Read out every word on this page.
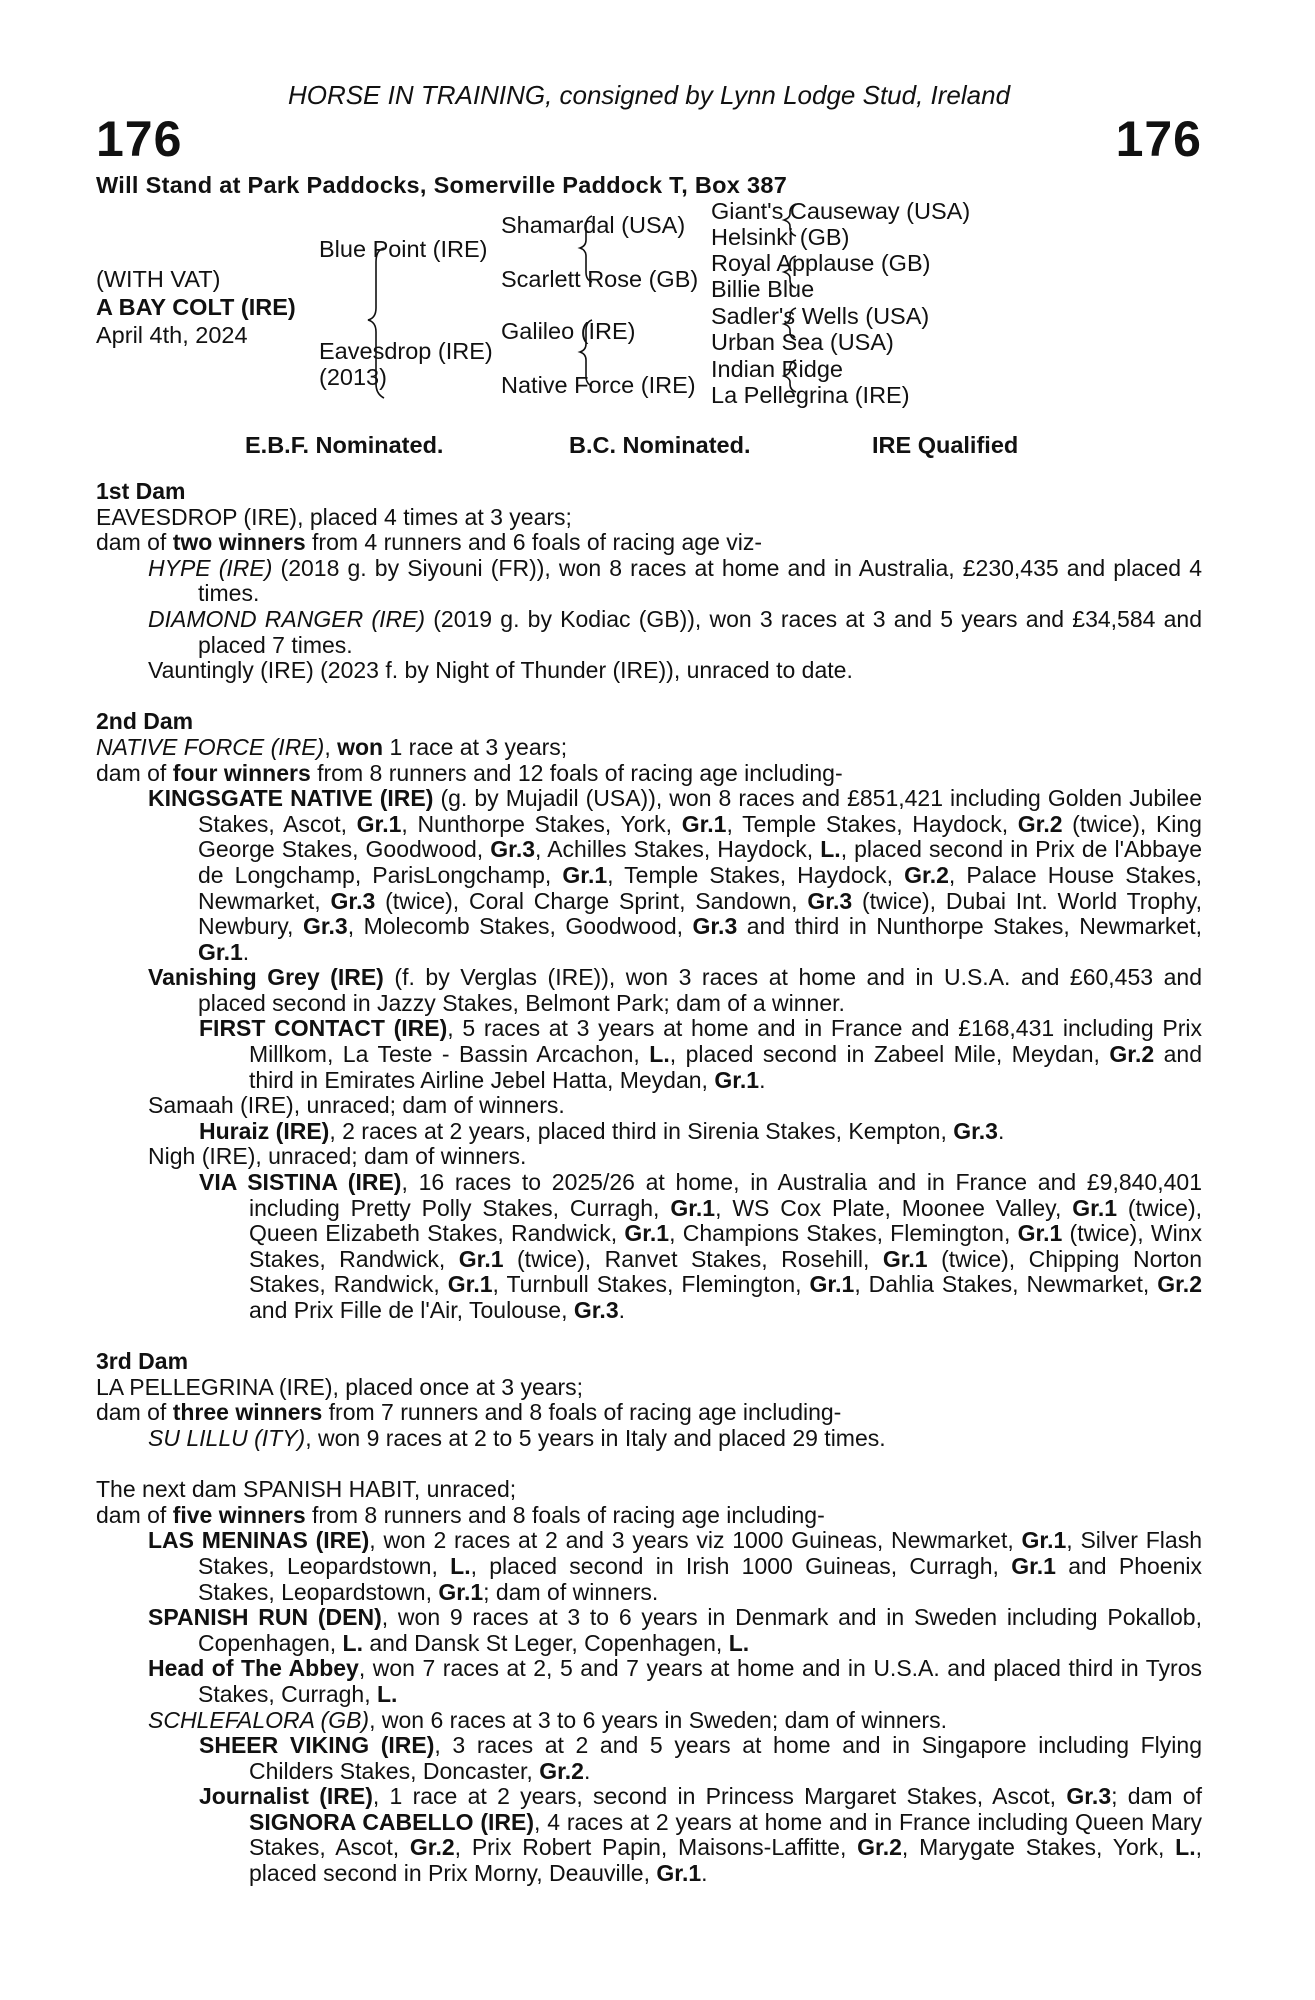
HORSE IN TRAINING, consigned by Lynn Lodge Stud, Ireland
176	176
Will Stand at Park Paddocks, Somerville Paddock T, Box 387
(WITH VAT)
A BAY COLT (IRE)
April 4th, 2024
Blue Point (IRE)
Eavesdrop (IRE)
(2013)
Shamardal (USA)
Scarlett Rose (GB)
Galileo (IRE)
Native Force (IRE)
Giant's Causeway (USA)
Helsinki (GB)
Royal Applause (GB)
Billie Blue
Sadler's Wells (USA)
Urban Sea (USA)
Indian Ridge
La Pellegrina (IRE)
E.B.F. Nominated.	B.C. Nominated.	IRE Qualified
1st Dam
EAVESDROP (IRE), placed 4 times at 3 years;
dam of two winners from 4 runners and 6 foals of racing age viz-
HYPE (IRE) (2018 g. by Siyouni (FR)), won 8 races at home and in Australia, £230,435 and placed 4 times.
DIAMOND RANGER (IRE) (2019 g. by Kodiac (GB)), won 3 races at 3 and 5 years and £34,584 and placed 7 times.
Vauntingly (IRE) (2023 f. by Night of Thunder (IRE)), unraced to date.
2nd Dam
NATIVE FORCE (IRE), won 1 race at 3 years;
dam of four winners from 8 runners and 12 foals of racing age including-
KINGSGATE NATIVE (IRE) (g. by Mujadil (USA)), won 8 races and £851,421 including Golden Jubilee Stakes, Ascot, Gr.1, Nunthorpe Stakes, York, Gr.1, Temple Stakes, Haydock, Gr.2 (twice), King George Stakes, Goodwood, Gr.3, Achilles Stakes, Haydock, L., placed second in Prix de l'Abbaye de Longchamp, ParisLongchamp, Gr.1, Temple Stakes, Haydock, Gr.2, Palace House Stakes, Newmarket, Gr.3 (twice), Coral Charge Sprint, Sandown, Gr.3 (twice), Dubai Int. World Trophy, Newbury, Gr.3, Molecomb Stakes, Goodwood, Gr.3 and third in Nunthorpe Stakes, Newmarket, Gr.1.
Vanishing Grey (IRE) (f. by Verglas (IRE)), won 3 races at home and in U.S.A. and £60,453 and placed second in Jazzy Stakes, Belmont Park; dam of a winner.
FIRST CONTACT (IRE), 5 races at 3 years at home and in France and £168,431 including Prix Millkom, La Teste - Bassin Arcachon, L., placed second in Zabeel Mile, Meydan, Gr.2 and third in Emirates Airline Jebel Hatta, Meydan, Gr.1.
Samaah (IRE), unraced; dam of winners.
Huraiz (IRE), 2 races at 2 years, placed third in Sirenia Stakes, Kempton, Gr.3.
Nigh (IRE), unraced; dam of winners.
VIA SISTINA (IRE), 16 races to 2025/26 at home, in Australia and in France and £9,840,401 including Pretty Polly Stakes, Curragh, Gr.1, WS Cox Plate, Moonee Valley, Gr.1 (twice), Queen Elizabeth Stakes, Randwick, Gr.1, Champions Stakes, Flemington, Gr.1 (twice), Winx Stakes, Randwick, Gr.1 (twice), Ranvet Stakes, Rosehill, Gr.1 (twice), Chipping Norton Stakes, Randwick, Gr.1, Turnbull Stakes, Flemington, Gr.1, Dahlia Stakes, Newmarket, Gr.2 and Prix Fille de l'Air, Toulouse, Gr.3.
3rd Dam
LA PELLEGRINA (IRE), placed once at 3 years;
dam of three winners from 7 runners and 8 foals of racing age including-
SU LILLU (ITY), won 9 races at 2 to 5 years in Italy and placed 29 times.
The next dam SPANISH HABIT, unraced;
dam of five winners from 8 runners and 8 foals of racing age including-
LAS MENINAS (IRE), won 2 races at 2 and 3 years viz 1000 Guineas, Newmarket, Gr.1, Silver Flash Stakes, Leopardstown, L., placed second in Irish 1000 Guineas, Curragh, Gr.1 and Phoenix Stakes, Leopardstown, Gr.1; dam of winners.
SPANISH RUN (DEN), won 9 races at 3 to 6 years in Denmark and in Sweden including Pokallob, Copenhagen, L. and Dansk St Leger, Copenhagen, L.
Head of The Abbey, won 7 races at 2, 5 and 7 years at home and in U.S.A. and placed third in Tyros Stakes, Curragh, L.
SCHLEFALORA (GB), won 6 races at 3 to 6 years in Sweden; dam of winners.
SHEER VIKING (IRE), 3 races at 2 and 5 years at home and in Singapore including Flying Childers Stakes, Doncaster, Gr.2.
Journalist (IRE), 1 race at 2 years, second in Princess Margaret Stakes, Ascot, Gr.3; dam of SIGNORA CABELLO (IRE), 4 races at 2 years at home and in France including Queen Mary Stakes, Ascot, Gr.2, Prix Robert Papin, Maisons-Laffitte, Gr.2, Marygate Stakes, York, L., placed second in Prix Morny, Deauville, Gr.1.
